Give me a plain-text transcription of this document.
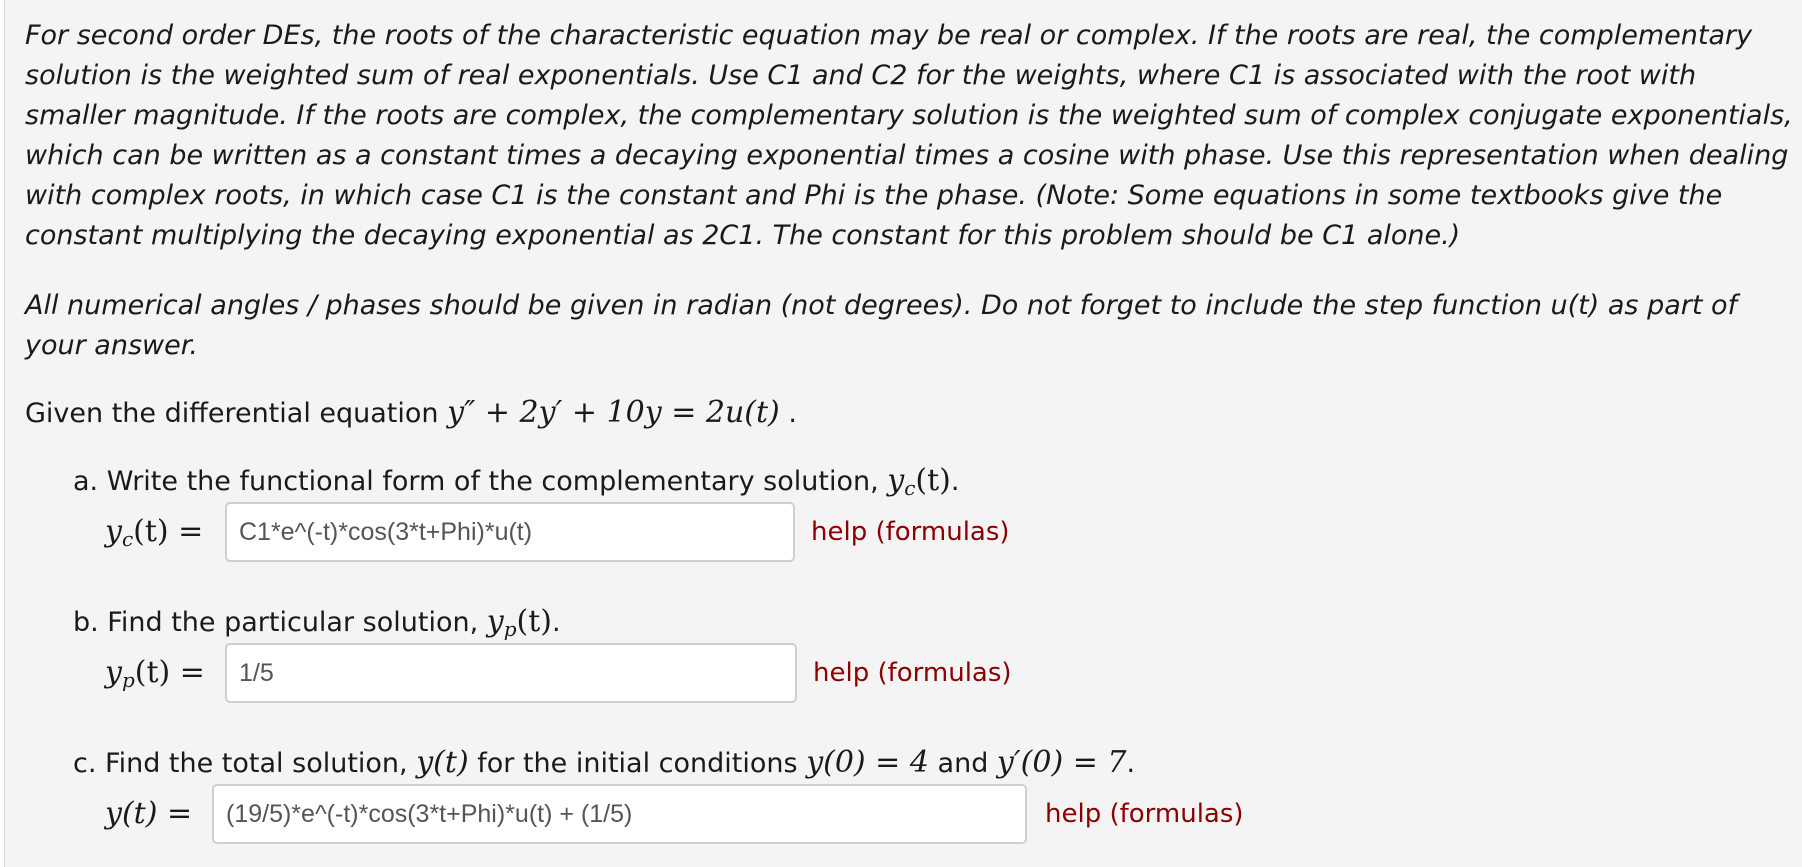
For second order DEs, the roots of the characteristic equation may be real or complex. If the roots are real, the complementary solution is the weighted sum of real exponentials. Use C1 and C2 for the weights, where C1 is associated with the root with smaller magnitude. If the roots are complex, the complementary solution is the weighted sum of complex conjugate exponentials, which can be written as a constant times a decaying exponential times a cosine with phase. Use this representation when dealing with complex roots, in which case C1 is the constant and Phi is the phase. (Note: Some equations in some textbooks give the constant multiplying the decaying exponential as 2C1. The constant for this problem should be C1 alone.)

All numerical angles / phases should be given in radian (not degrees). Do not forget to include the step function u(t) as part of your answer.

Given the differential equation y″ + 2y′ + 10y = 2u(t) .
a. Write the functional form of the complementary solution, $y_c(t)$.
$y_c(t)$ =
C1*e^(-t)*cos(3*t+Phi)*u(t)	help (formulas)
b. Find the particular solution, $y_p(t)$.
$y_p(t)$ =
1/5	help (formulas)
c. Find the total solution, y(t) for the initial conditions y(0) = 4 and y′(0) = 7.
y(t) =
(19/5)*e^(-t)*cos(3*t+Phi)*u(t) + (1/5)	help (formulas)
